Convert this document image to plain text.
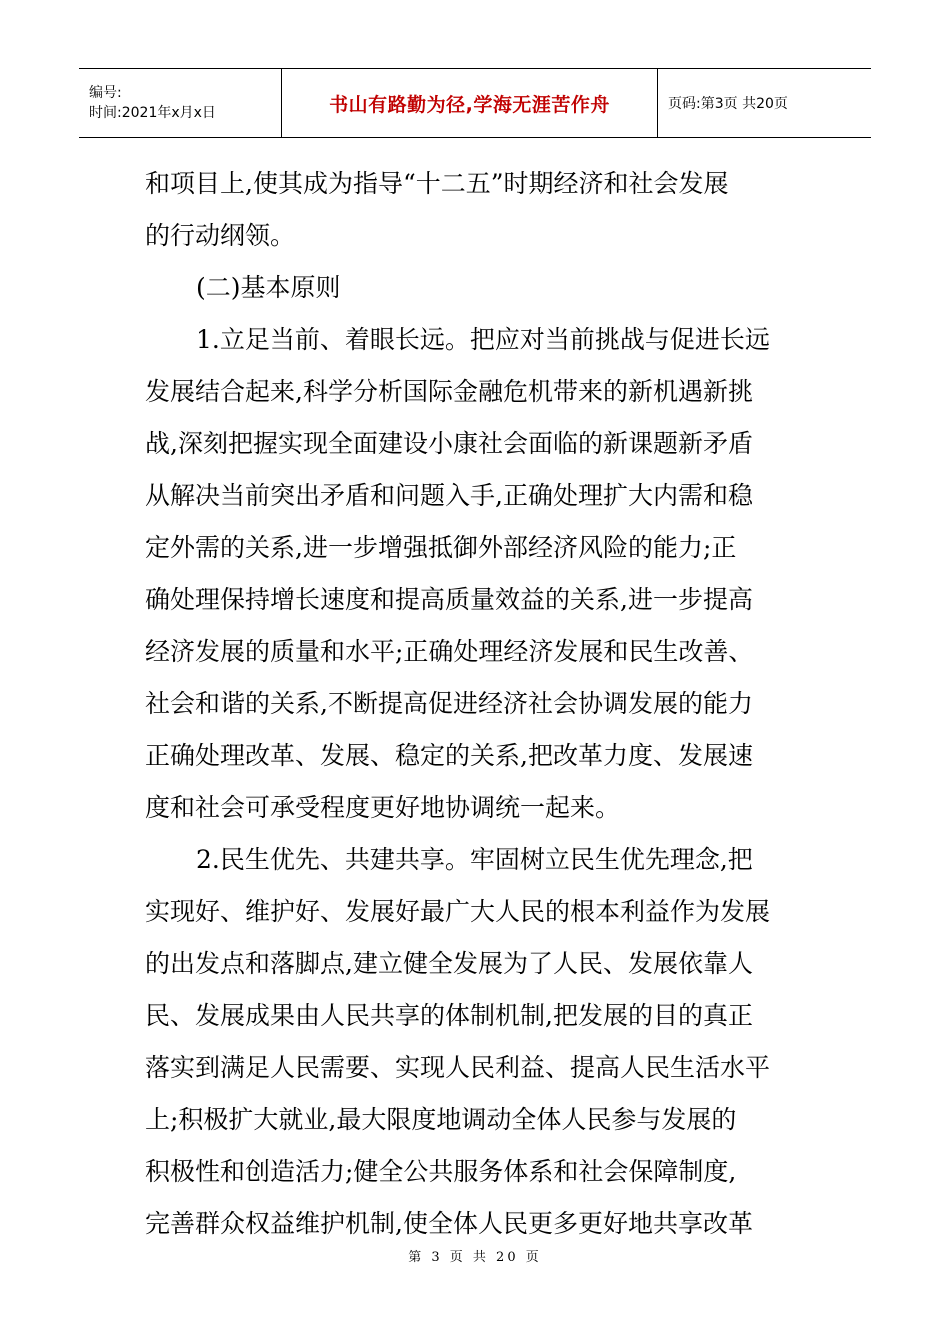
编号:
时间:2021年x月x日	书山有路勤为径,学海无涯苦作舟	页码:第3页 共20页
和项目上,使其成为指导“十二五”时期经济和社会发展
的行动纲领。
(二)基本原则
1.立足当前、着眼长远。把应对当前挑战与促进长远
发展结合起来,科学分析国际金融危机带来的新机遇新挑
战,深刻把握实现全面建设小康社会面临的新课题新矛盾
从解决当前突出矛盾和问题入手,正确处理扩大内需和稳
定外需的关系,进一步增强抵御外部经济风险的能力;正
确处理保持增长速度和提高质量效益的关系,进一步提高
经济发展的质量和水平;正确处理经济发展和民生改善、
社会和谐的关系,不断提高促进经济社会协调发展的能力
正确处理改革、发展、稳定的关系,把改革力度、发展速
度和社会可承受程度更好地协调统一起来。
2.民生优先、共建共享。牢固树立民生优先理念,把
实现好、维护好、发展好最广大人民的根本利益作为发展
的出发点和落脚点,建立健全发展为了人民、发展依靠人
民、发展成果由人民共享的体制机制,把发展的目的真正
落实到满足人民需要、实现人民利益、提高人民生活水平
上;积极扩大就业,最大限度地调动全体人民参与发展的
积极性和创造活力;健全公共服务体系和社会保障制度,
完善群众权益维护机制,使全体人民更多更好地共享改革
第 3 页 共 20 页
